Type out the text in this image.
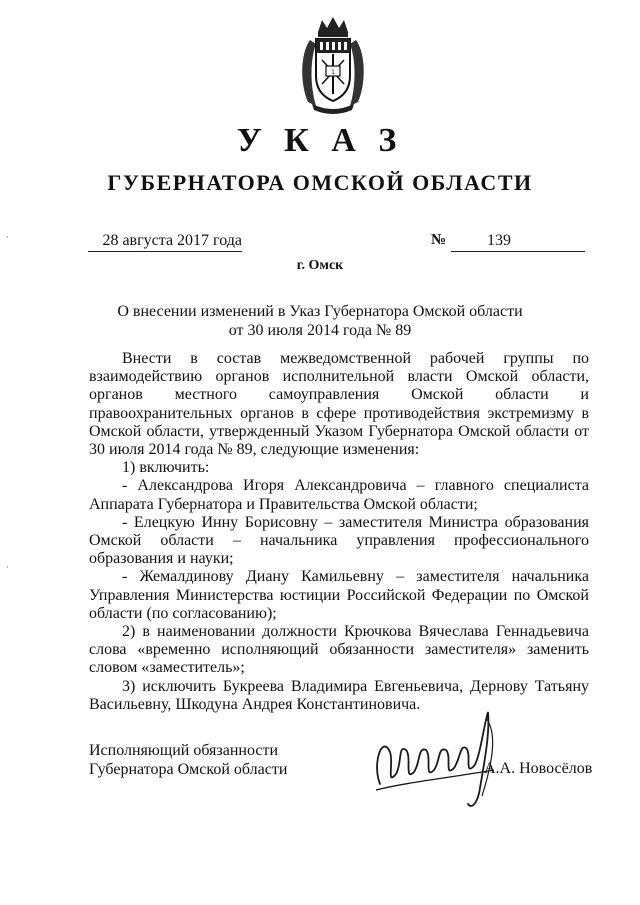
1
У К А З
ГУБЕРНАТОРА ОМСКОЙ ОБЛАСТИ
28 августа 2017 года	№	139
г. Омск
О внесении изменений в Указ Губернатора Омской области
от 30 июля 2014 года № 89
·
·

Внести в состав межведомственной рабочей группы по взаимодействию органов исполнительной власти Омской области, органов местного самоуправления Омской области и правоохранительных органов в сфере противодействия экстремизму в Омской области, утвержденный Указом Губернатора Омской области от 30 июля 2014 года № 89, следующие изменения:

1) включить:

- Александрова Игоря Александровича – главного специалиста Аппарата Губернатора и Правительства Омской области;

- Елецкую Инну Борисовну – заместителя Министра образования Омской области – начальника управления профессионального образования и науки;

- Жемалдинову Диану Камильевну – заместителя начальника Управления Министерства юстиции Российской Федерации по Омской области (по согласованию);

2) в наименовании должности Крючкова Вячеслава Геннадьевича слова «временно исполняющий обязанности заместителя» заменить словом «заместитель»;

3) исключить Букреева Владимира Евгеньевича, Дернову Татьяну Васильевну, Шкодуна Андрея Константиновича.

Исполняющий обязанности
Губернатора Омской области	А.А. Новосёлов
